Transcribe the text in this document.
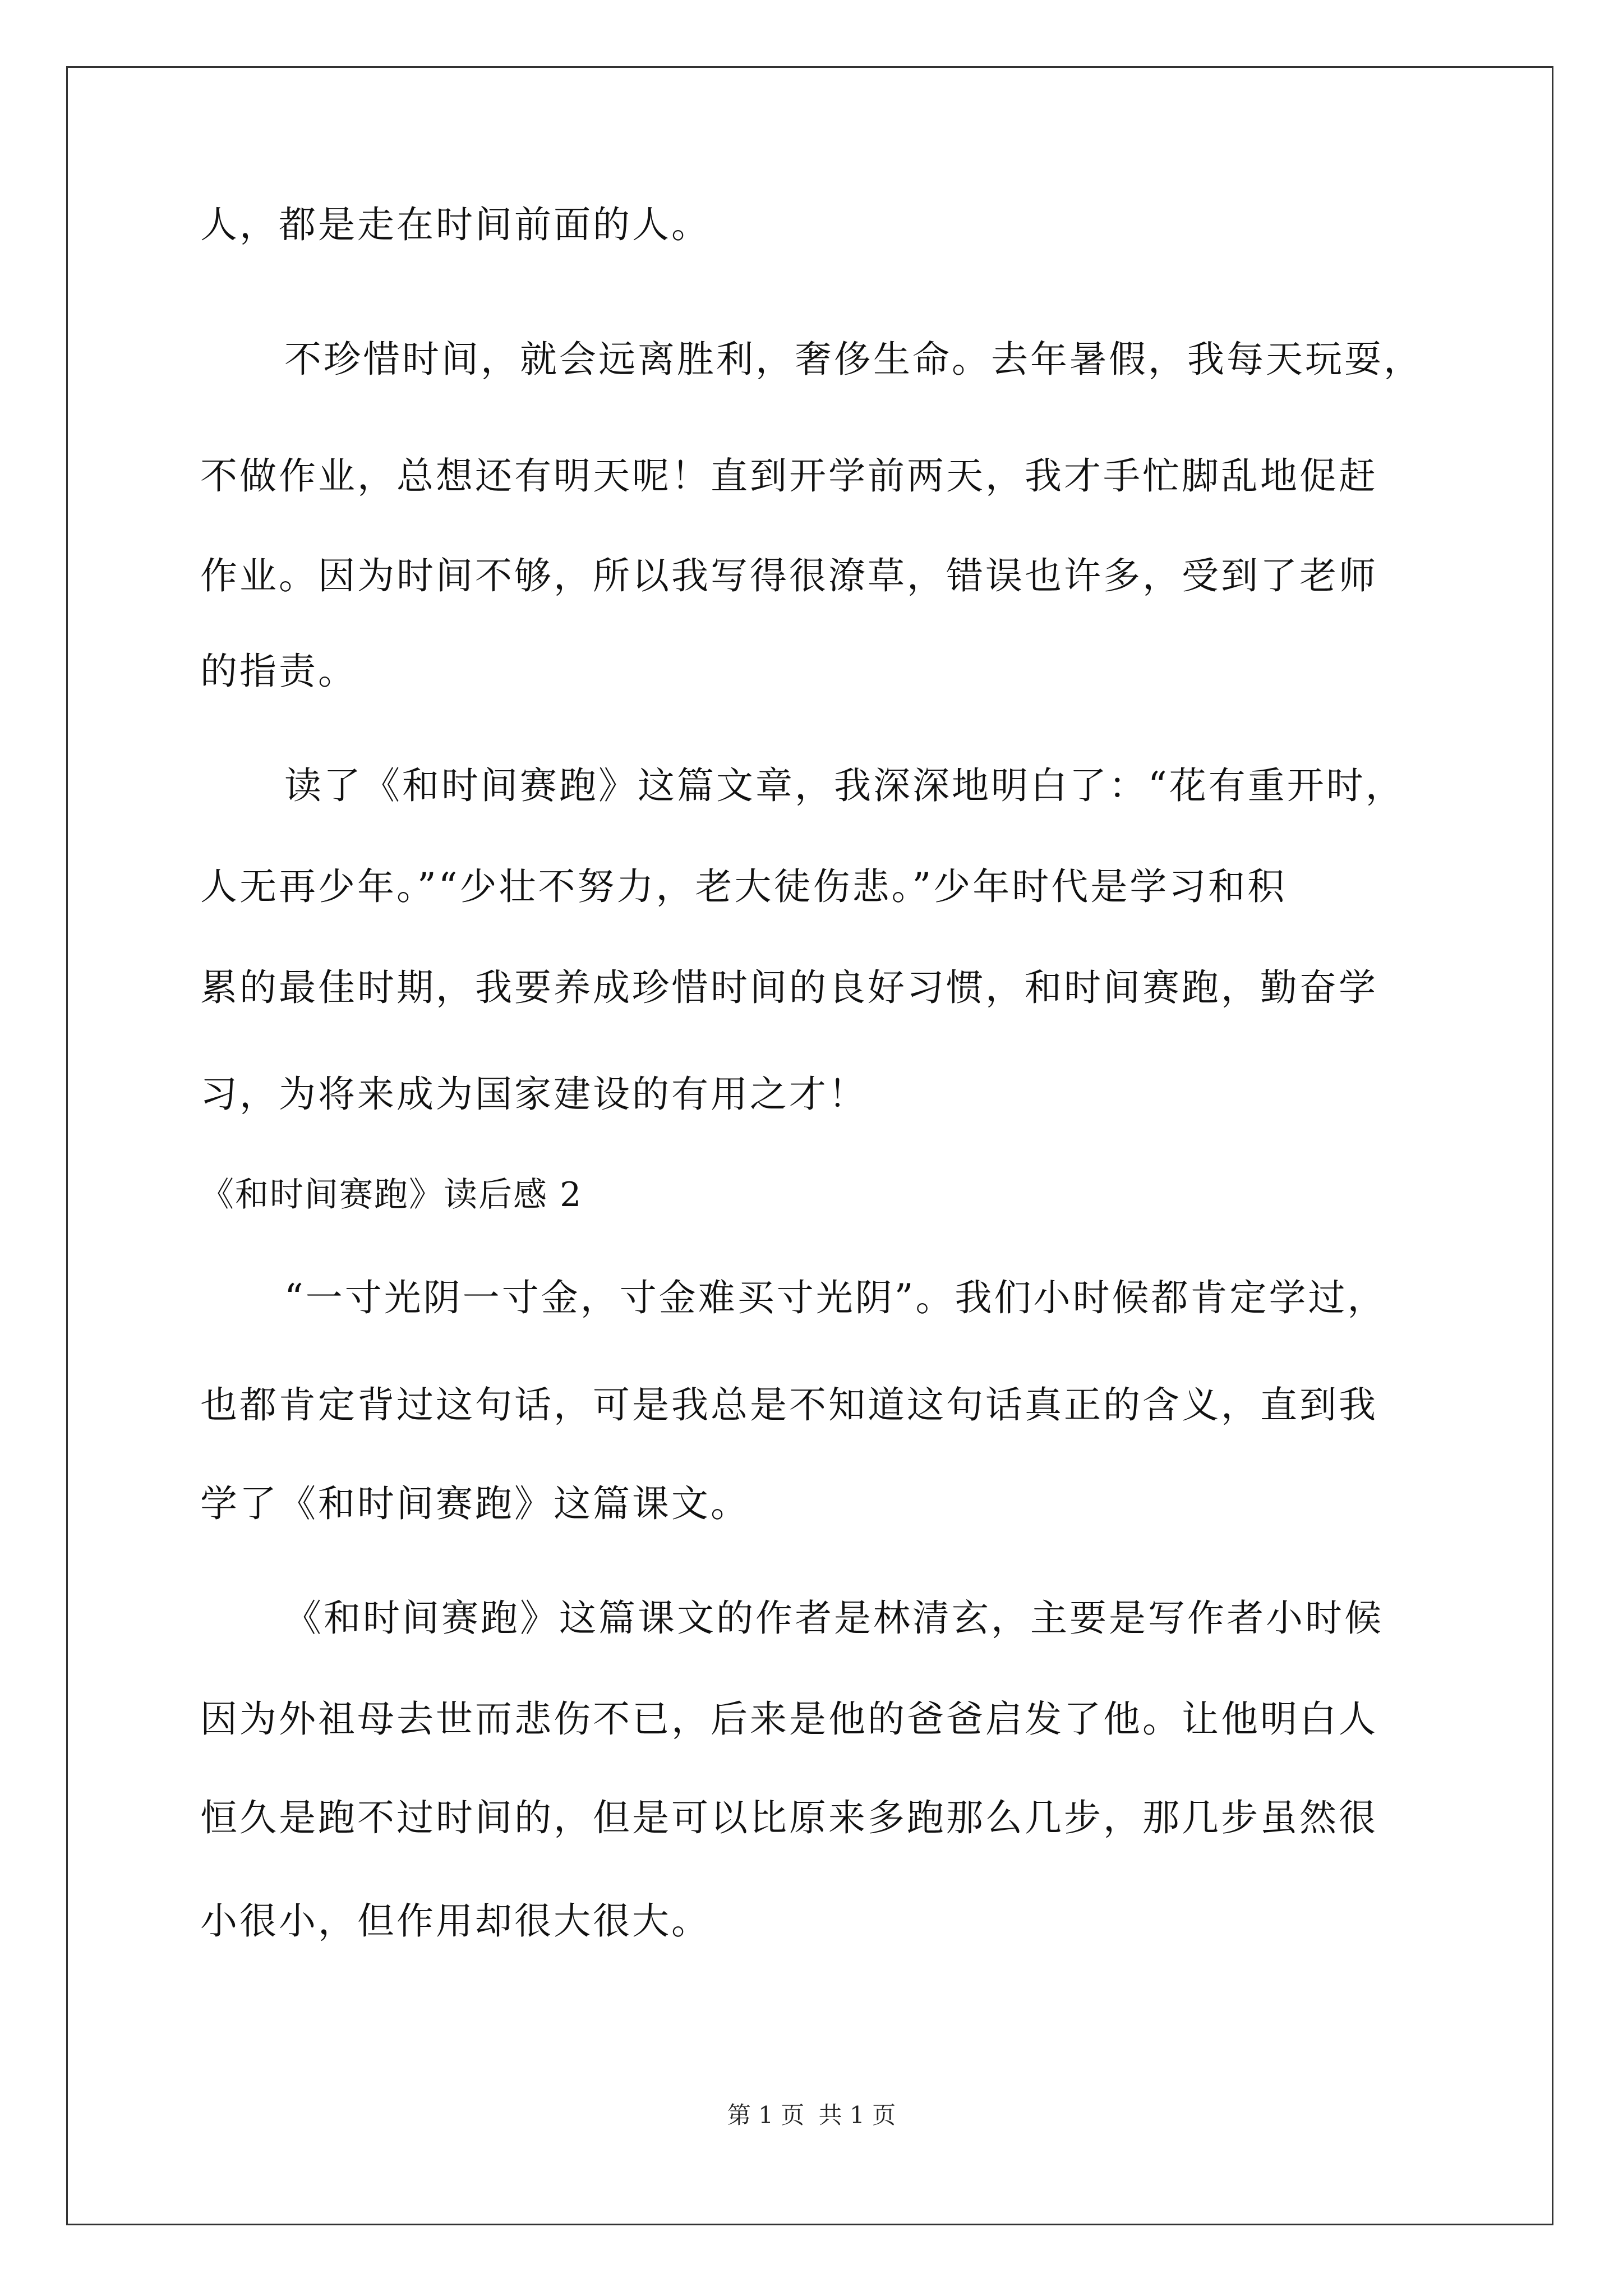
人，都是走在时间前面的人。
不珍惜时间，就会远离胜利，奢侈生命。去年暑假，我每天玩耍，
不做作业，总想还有明天呢！直到开学前两天，我才手忙脚乱地促赶
作业。因为时间不够，所以我写得很潦草，错误也许多，受到了老师
的指责。
读了《和时间赛跑》这篇文章，我深深地明白了：“花有重开时，
人无再少年。”“少壮不努力，老大徒伤悲。”少年时代是学习和积
累的最佳时期，我要养成珍惜时间的良好习惯，和时间赛跑，勤奋学
习，为将来成为国家建设的有用之才！
《和时间赛跑》读后感 2
“一寸光阴一寸金，寸金难买寸光阴”。我们小时候都肯定学过，
也都肯定背过这句话，可是我总是不知道这句话真正的含义，直到我
学了《和时间赛跑》这篇课文。
《和时间赛跑》这篇课文的作者是林清玄，主要是写作者小时候
因为外祖母去世而悲伤不已，后来是他的爸爸启发了他。让他明白人
恒久是跑不过时间的，但是可以比原来多跑那么几步，那几步虽然很
小很小，但作用却很大很大。
第 1 页 共 1 页
